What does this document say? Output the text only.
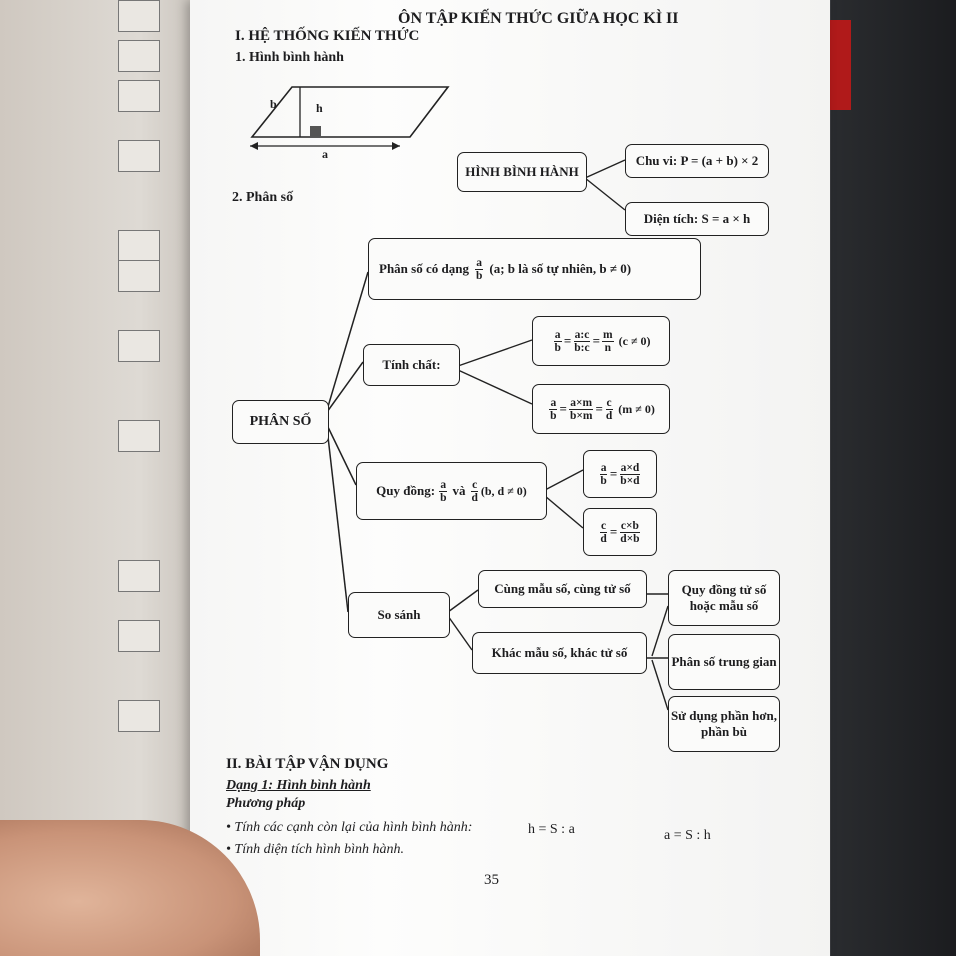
ÔN TẬP KIẾN THỨC GIỮA HỌC KÌ II
I. HỆ THỐNG KIẾN THỨC
1. Hình bình hành
b	h
a
HÌNH BÌNH HÀNH
Chu vi: P = (a + b) × 2
Diện tích: S = a × h
2. Phân số
PHÂN SỐ
Phân số có dạng $\frac{a}{b} (a$; b là số tự nhiên, b ≠ 0)
Tính chất:
$\frac{a}{b} = \frac{a:c}{b:c} = \frac{m}{n} (c \ne 0)$
$\frac{a}{b} = \frac{a\times m}{b\times m} = \frac{c}{d} (m \ne 0)$
Quy đồng: $\frac{a}{b}$ và $\frac{c}{d} (b$, d ≠ 0)
$\frac{a}{b} = \frac{a\times d}{b\times d}$
$\frac{c}{d} = \frac{c\times b}{d\times b}$
So sánh
Cùng mẫu số, cùng tử số
Khác mẫu số, khác tử số
Quy đồng tử số hoặc mẫu số
Phân số trung gian
Sử dụng phần hơn, phần bù
II. BÀI TẬP VẬN DỤNG
Dạng 1: Hình bình hành
Phương pháp
• Tính các cạnh còn lại của hình bình hành:	h = S : a	a = S : h
• Tính diện tích hình bình hành.
35
